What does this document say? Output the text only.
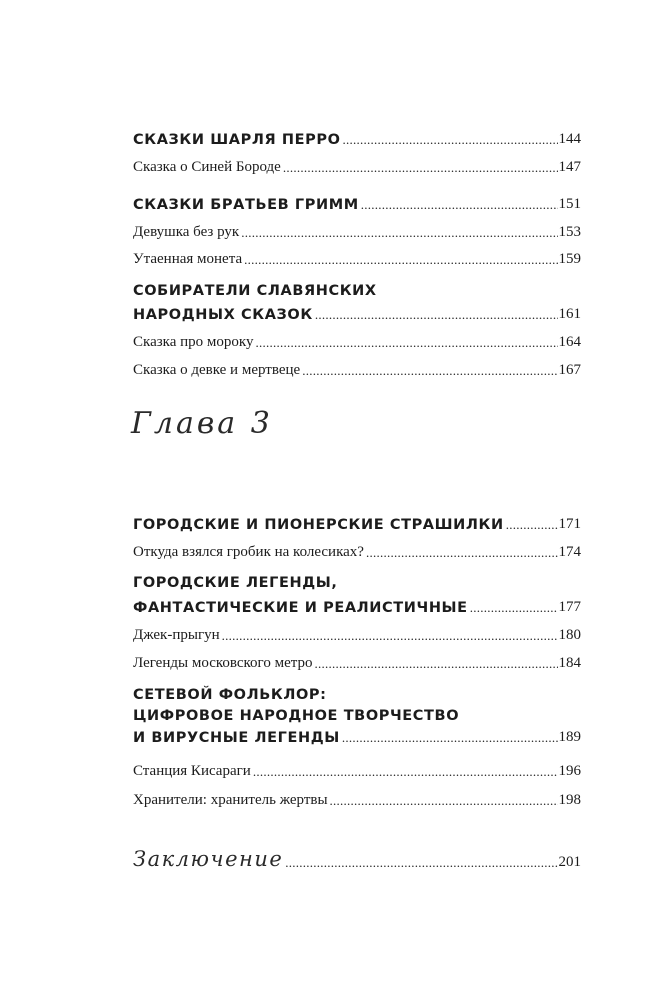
СКАЗКИ ШАРЛЯ ПЕРРО . . .	144
Сказка о Синей Бороде . . .	147
СКАЗКИ БРАТЬЕВ ГРИММ . . .	151
Девушка без рук . . .	153
Утаенная монета . . .	159
СОБИРАТЕЛИ СЛАВЯНСКИХ
НАРОДНЫХ СКАЗОК . . .	161
Сказка про мороку . . .	164
Сказка о девке и мертвеце . . .	167
ГОРОДСКИЕ И ПИОНЕРСКИЕ СТРАШИЛКИ . . .	171
Откуда взялся гробик на колесиках? . . .	174
ГОРОДСКИЕ ЛЕГЕНДЫ,
ФАНТАСТИЧЕСКИЕ И РЕАЛИСТИЧНЫЕ . . .	177
Джек-прыгун . . .	180
Легенды московского метро . . .	184
СЕТЕВОЙ ФОЛЬКЛОР:
ЦИФРОВОЕ НАРОДНОЕ ТВОРЧЕСТВО
И ВИРУСНЫЕ ЛЕГЕНДЫ . . .	189
Станция Кисараги . . .	196
Хранители: хранитель жертвы . . .	198
Заключение . . .	201
Глава 3
